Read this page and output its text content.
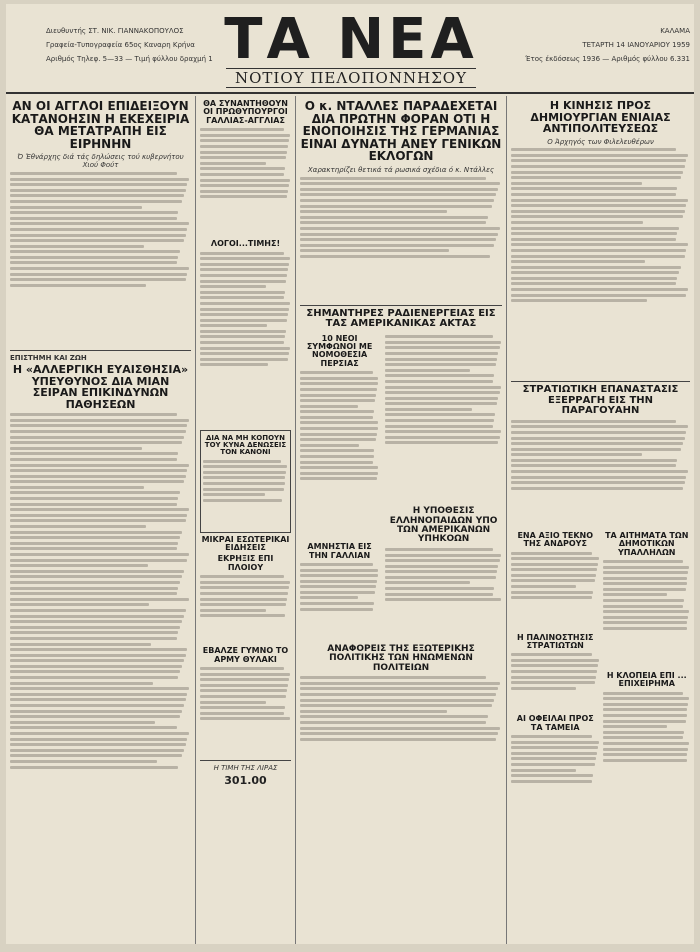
Διευθυντής ΣΤ. ΝΙΚ. ΓΙΑΝΝΑΚΟΠΟΥΛΟΣ
Γραφεία-Τυπογραφεία 65ος Καναρη Κρήνα
Αριθμός Τηλεφ. 5—33 — Τιμή φύλλου δραχμή 1 ΤΑ ΝΕΑ
ΝΟΤΙΟΥ ΠΕΛΟΠΟΝΝΗΣΟΥ
ΚΑΛΑΜΑ
ΤΕΤΑΡΤΗ 14 ΙΑΝΟΥΑΡΙΟΥ 1959
Έτος έκδόσεως 1936 — Αριθμός φύλλου 6.331
ΑΝ ΟΙ ΑΓΓΛΟΙ ΕΠΙΔΕΙΞΟΥΝ ΚΑΤΑΝΟΗΣΙΝ Η ΕΚΕΧΕΙΡΙΑ ΘΑ ΜΕΤΑΤΡΑΠΗ ΕΙΣ ΕΙΡΗΝΗΝ
Ό Έθνάρχης διά τάς δηλώσεις τού κυβερνήτου Χιού Φούτ
ΕΠΙΣΤΗΜΗ ΚΑΙ ΖΩΗ
Η «ΑΛΛΕΡΓΙΚΗ ΕΥΑΙΣΘΗΣΙΑ» ΥΠΕΥΘΥΝΟΣ ΔΙΑ ΜΙΑΝ ΣΕΙΡΑΝ ΕΠΙΚΙΝΔΥΝΩΝ ΠΑΘΗΣΕΩΝ
ΘΑ ΣΥΝΑΝΤΗΘΟΥΝ ΟΙ ΠΡΩΘΥΠΟΥΡΓΟΙ ΓΑΛΛΙΑΣ-ΑΓΓΛΙΑΣ
ΛΟΓΟΙ...ΤΙΜΗΣ!
ΔΙΑ ΝΑ ΜΗ ΚΟΠΟΥΝ ΤΟΥ ΚΥΝΑ ΔΕΝΩΣΕΙΣ ΤΟΝ ΚΑΝΟΝΙ
ΜΙΚΡΑΙ ΕΣΩΤΕΡΙΚΑΙ ΕΙΔΗΣΕΙΣ
ΕΚΡΗΞΙΣ ΕΠΙ ΠΛΟΙΟΥ
ΕΒΑΛΖΕ ΓΥΜΝΟ ΤΟ ΑΡΜΥ ΘΥΛΑΚΙ
Η ΤΙΜΗ ΤΗΣ ΛΙΡΑΣ
301.00
Ο κ. ΝΤΑΛΛΕΣ ΠΑΡΑΔΕΧΕΤΑΙ ΔΙΑ ΠΡΩΤΗΝ ΦΟΡΑΝ ΟΤΙ Η ΕΝΟΠΟΙΗΣΙΣ ΤΗΣ ΓΕΡΜΑΝΙΑΣ ΕΙΝΑΙ ΔΥΝΑΤΗ ΑΝΕΥ ΓΕΝΙΚΩΝ ΕΚΛΟΓΩΝ
Χαρακτηρίζει θετικά τά ρωσικά σχέδια ό κ. Ντάλλες
ΣΗΜΑΝΤΗΡΕΣ ΡΑΔΙΕΝΕΡΓΕΙΑΣ ΕΙΣ ΤΑΣ ΑΜΕΡΙΚΑΝΙΚΑΣ ΑΚΤΑΣ
10 ΝΕΟΙ ΣΥΜΦΩΝΟΙ ΜΕ ΝΟΜΟΘΕΣΙΑ ΠΕΡΣΙΑΣ
ΑΜΝΗΣΤΙΑ ΕΙΣ ΤΗΝ ΓΑΛΛΙΑΝ
Η ΥΠΟΘΕΣΙΣ ΕΛΛΗΝΟΠΑΙΔΩΝ ΥΠΟ ΤΩΝ ΑΜΕΡΙΚΑΝΩΝ ΥΠΗΚΟΩΝ
ΑΝΑΦΟΡΕΙΣ ΤΗΣ ΕΞΩΤΕΡΙΚΗΣ ΠΟΛΙΤΙΚΗΣ ΤΩΝ ΗΝΩΜΕΝΩΝ ΠΟΛΙΤΕΙΩΝ
Η ΚΙΝΗΣΙΣ ΠΡΟΣ ΔΗΜΙΟΥΡΓΙΑΝ ΕΝΙΑΙΑΣ ΑΝΤΙΠΟΛΙΤΕΥΣΕΩΣ
Ο Άρχηγός των Φιλελευθέρων
ΣΤΡΑΤΙΩΤΙΚΗ ΕΠΑΝΑΣΤΑΣΙΣ ΕΞΕΡΡΑΓΗ ΕΙΣ ΤΗΝ ΠΑΡΑΓΟΥΑΗΝ
ΕΝΑ ΑΞΙΟ ΤΕΚΝΟ ΤΗΣ ΑΝΔΡΟΥΣ
Η ΠΑΛΙΝΟΣΤΗΣΙΣ ΣΤΡΑΤΙΩΤΩΝ
ΑΙ ΟΦΕΙΛΑΙ ΠΡΟΣ ΤΑ ΤΑΜΕΙΑ
ΤΑ ΑΙΤΗΜΑΤΑ ΤΩΝ ΔΗΜΟΤΙΚΩΝ ΥΠΑΛΛΗΛΩΝ
Η ΚΛΟΠΕΙΑ ΕΠΙ ... ΕΠΙΧΕΙΡΗΜΑ
